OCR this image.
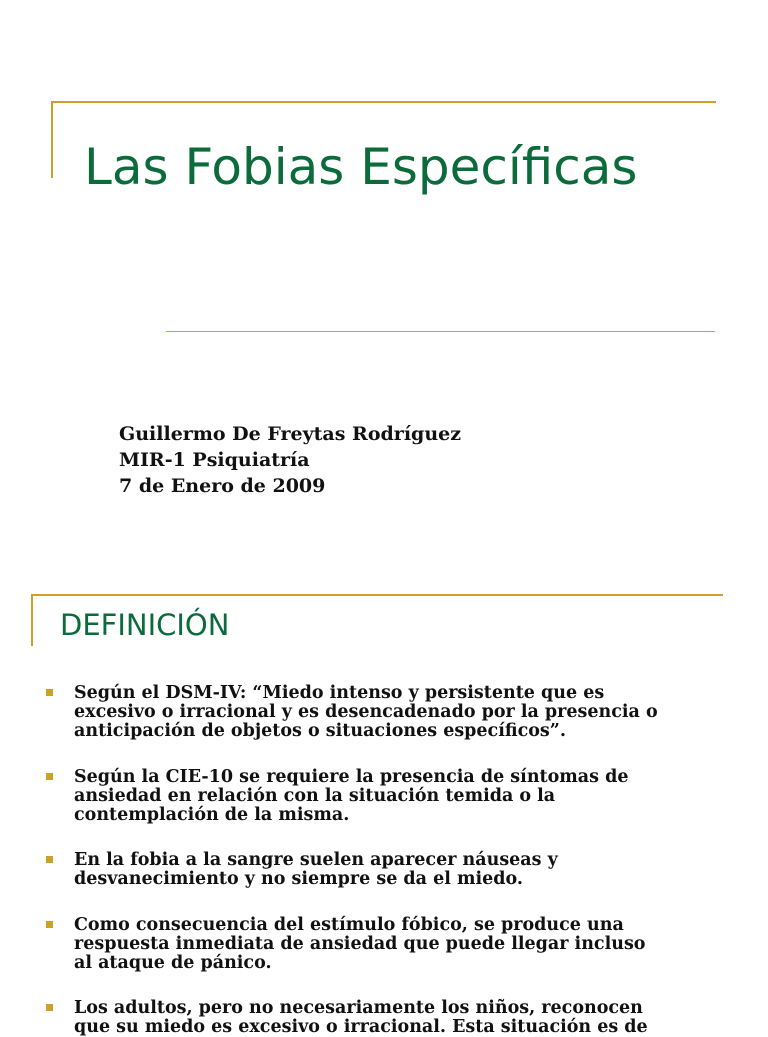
Las Fobias Específicas
Guillermo De Freytas Rodríguez
MIR-1 Psiquiatría
7 de Enero de 2009
DEFINICIÓN

Según el DSM-IV: “Miedo intenso y persistente que es
excesivo o irracional y es desencadenado por la presencia o
anticipación de objetos o situaciones específicos”.

Según la CIE-10 se requiere la presencia de síntomas de
ansiedad en relación con la situación temida o la
contemplación de la misma.

En la fobia a la sangre suelen aparecer náuseas y
desvanecimiento y no siempre se da el miedo.

Como consecuencia del estímulo fóbico, se produce una
respuesta inmediata de ansiedad que puede llegar incluso
al ataque de pánico.

Los adultos, pero no necesariamente los niños, reconocen
que su miedo es excesivo o irracional. Esta situación es de
